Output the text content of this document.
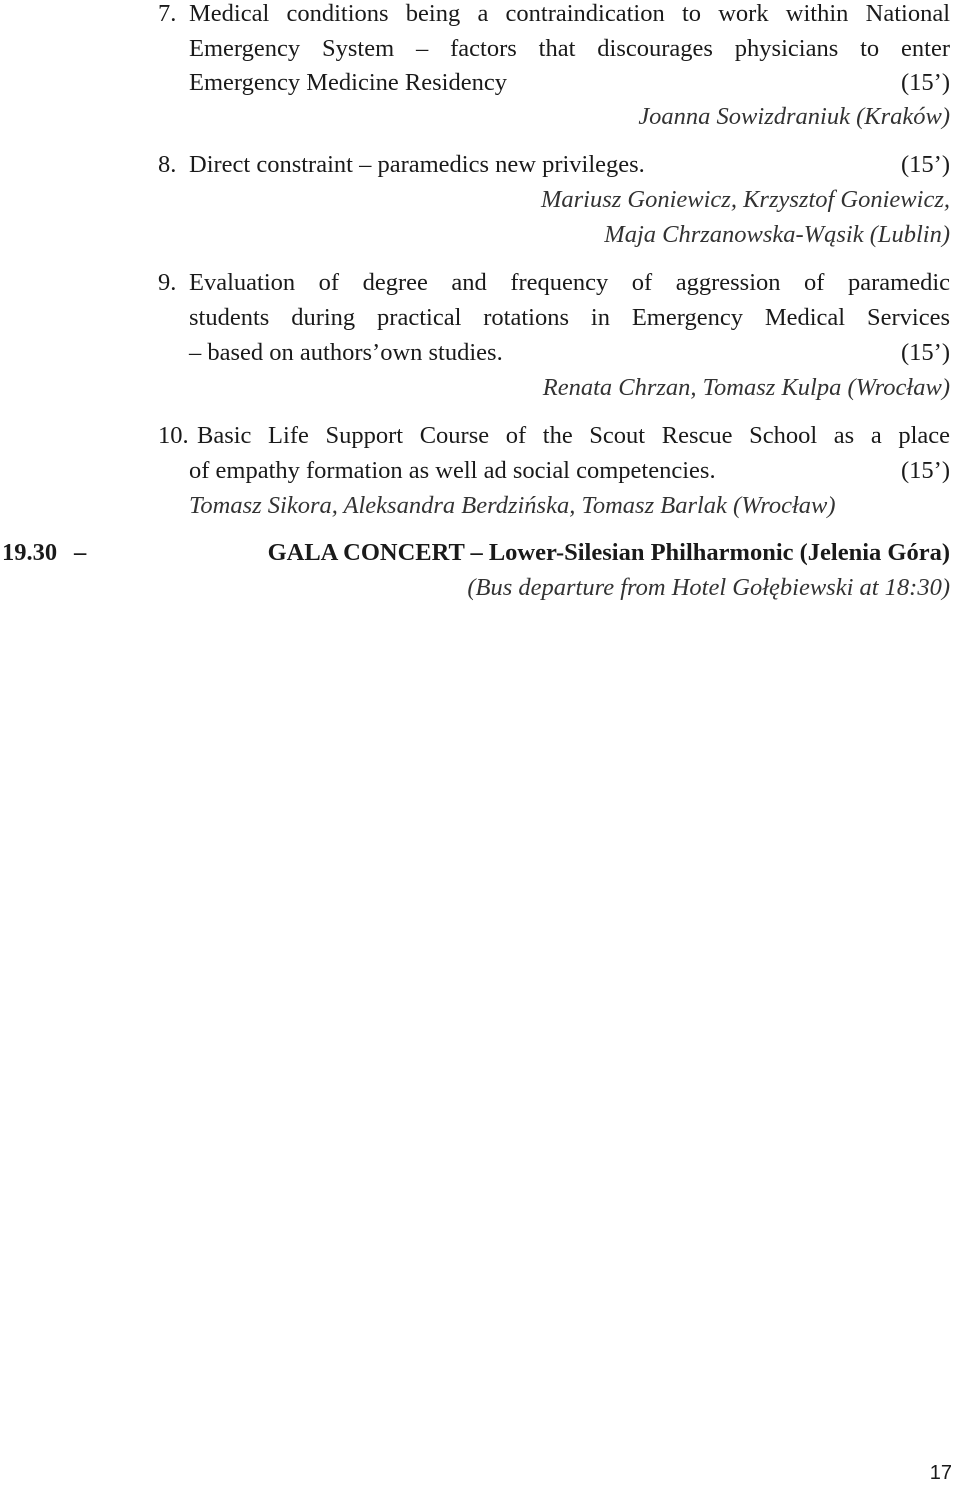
7. Medical conditions being a contraindication to work within National
Emergency System – factors that discourages physicians to enter
Emergency Medicine Residency	(15’)
Joanna Sowizdraniuk (Kraków)
8. Direct constraint – paramedics new privileges.	(15’)
Mariusz Goniewicz, Krzysztof Goniewicz,
Maja Chrzanowska-Wąsik (Lublin)
9. Evaluation of degree and frequency of aggression of paramedic
students during practical rotations in Emergency Medical Services
– based on authors’own studies.	(15’)
Renata Chrzan, Tomasz Kulpa (Wrocław)
10. Basic Life Support Course of the Scout Rescue School as a place
of empathy formation as well ad social competencies.	(15’)
Tomasz Sikora, Aleksandra Berdzińska, Tomasz Barlak (Wrocław)
19.30 –	GALA CONCERT – Lower-Silesian Philharmonic (Jelenia Góra)
(Bus departure from Hotel Gołębiewski at 18:30)
17
